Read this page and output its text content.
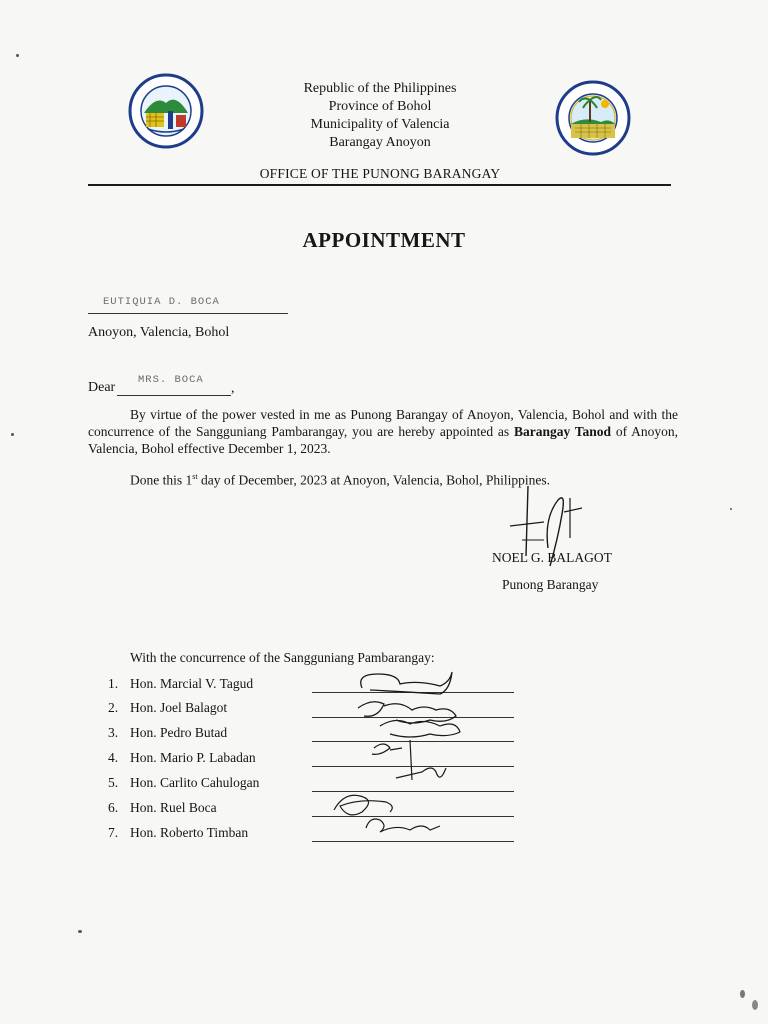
Republic of the Philippines
Province of Bohol
Municipality of Valencia
Barangay Anoyon
OFFICE OF THE PUNONG BARANGAY
APPOINTMENT
EUTIQUIA D. BOCA
Anoyon, Valencia, Bohol
Dear MRS. BOCA
,
By virtue of the power vested in me as Punong Barangay of Anoyon, Valencia, Bohol and with the concurrence of the Sangguniang Pambarangay, you are hereby appointed as Barangay Tanod of Anoyon, Valencia, Bohol effective December 1, 2023.
Done this 1st day of December, 2023 at Anoyon, Valencia, Bohol, Philippines.
NOEL G. BALAGOT
Punong Barangay
With the concurrence of the Sangguniang Pambarangay:
1. Hon. Marcial V. Tagud
2. Hon. Joel Balagot
3. Hon. Pedro Butad
4. Hon. Mario P. Labadan
5. Hon. Carlito Cahulogan
6. Hon. Ruel Boca
7. Hon. Roberto Timban
